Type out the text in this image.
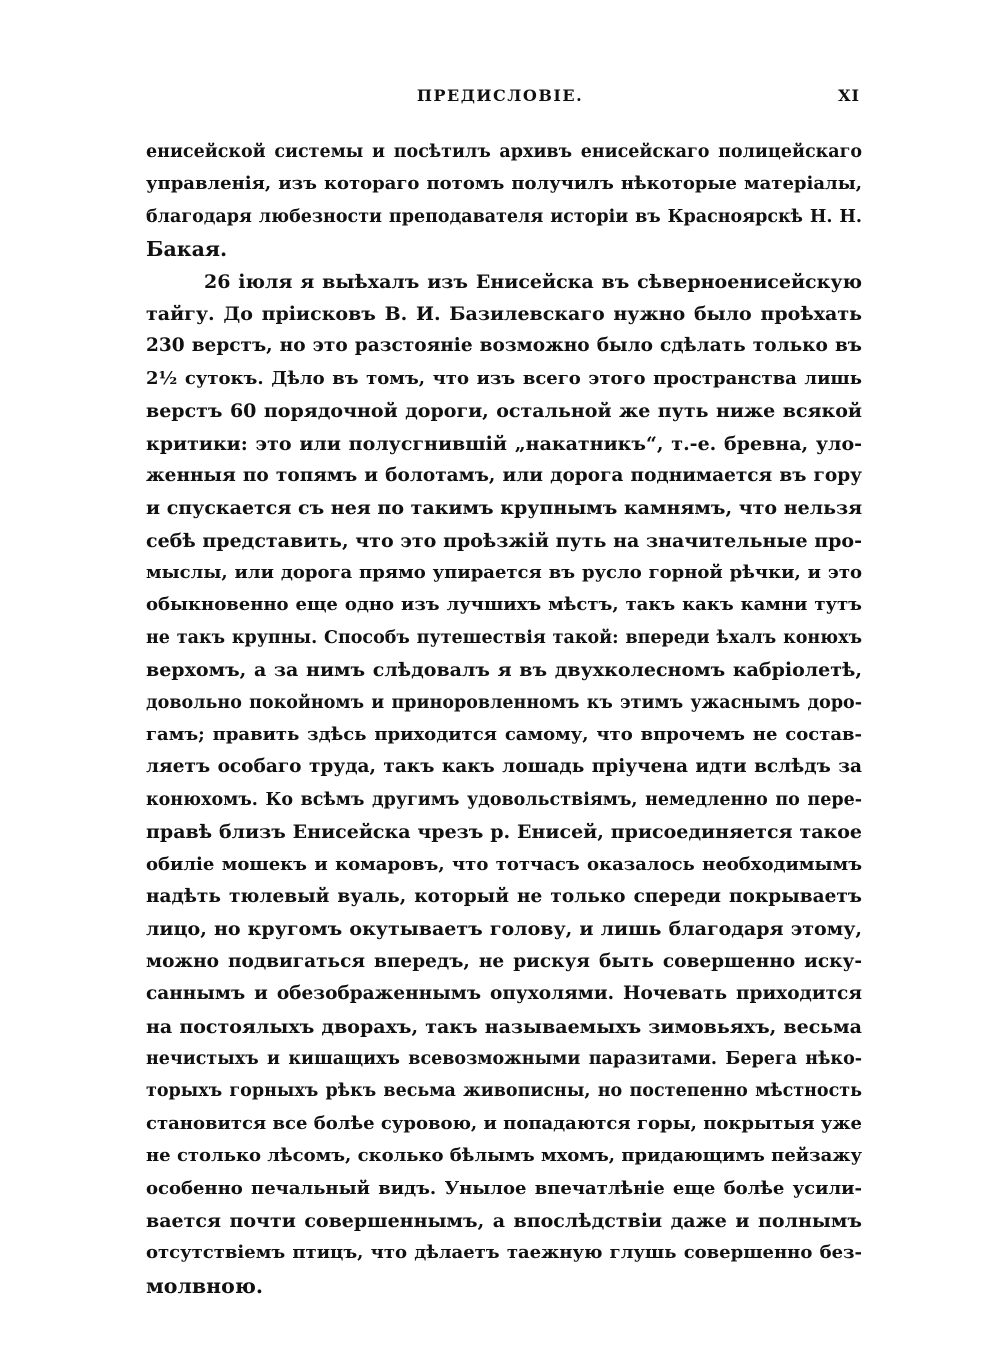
ПРЕДИСЛОВІЕ.	XI
енисейской системы и посѣтилъ архивъ енисейскаго полицейскаго
управленія, изъ котораго потомъ получилъ нѣкоторые матеріалы,
благодаря любезности преподавателя исторіи въ Красноярскѣ Н. Н.
Бакая.
26 іюля я выѣхалъ изъ Енисейска въ сѣверноенисейскую
тайгу. До пріисковъ В. И. Базилевскаго нужно было проѣхать
230 верстъ, но это разстояніе возможно было сдѣлать только въ
2½ сутокъ. Дѣло въ томъ, что изъ всего этого пространства лишь
верстъ 60 порядочной дороги, остальной же путь ниже всякой
критики: это или полусгнившій „накатникъ“, т.-е. бревна, уло-
женныя по топямъ и болотамъ, или дорога поднимается въ гору
и спускается съ нея по такимъ крупнымъ камнямъ, что нельзя
себѣ представить, что это проѣзжій путь на значительные про-
мыслы, или дорога прямо упирается въ русло горной рѣчки, и это
обыкновенно еще одно изъ лучшихъ мѣстъ, такъ какъ камни тутъ
не такъ крупны. Способъ путешествія такой: впереди ѣхалъ конюхъ
верхомъ, а за нимъ слѣдовалъ я въ двухколесномъ кабріолетѣ,
довольно покойномъ и приноровленномъ къ этимъ ужаснымъ доро-
гамъ; править здѣсь приходится самому, что впрочемъ не состав-
ляетъ особаго труда, такъ какъ лошадь пріучена идти вслѣдъ за
конюхомъ. Ко всѣмъ другимъ удовольствіямъ, немедленно по пере-
правѣ близъ Енисейска чрезъ р. Енисей, присоединяется такое
обиліе мошекъ и комаровъ, что тотчасъ оказалось необходимымъ
надѣть тюлевый вуаль, который не только спереди покрываетъ
лицо, но кругомъ окутываетъ голову, и лишь благодаря этому,
можно подвигаться впередъ, не рискуя быть совершенно иску-
саннымъ и обезображеннымъ опухолями. Ночевать приходится
на постоялыхъ дворахъ, такъ называемыхъ зимовьяхъ, весьма
нечистыхъ и кишащихъ всевозможными паразитами. Берега нѣко-
торыхъ горныхъ рѣкъ весьма живописны, но постепенно мѣстность
становится все болѣе суровою, и попадаются горы, покрытыя уже
не столько лѣсомъ, сколько бѣлымъ мхомъ, придающимъ пейзажу
особенно печальный видъ. Унылое впечатлѣніе еще болѣе усили-
вается почти совершеннымъ, а впослѣдствіи даже и полнымъ
отсутствіемъ птицъ, что дѣлаетъ таежную глушь совершенно без-
молвною.
